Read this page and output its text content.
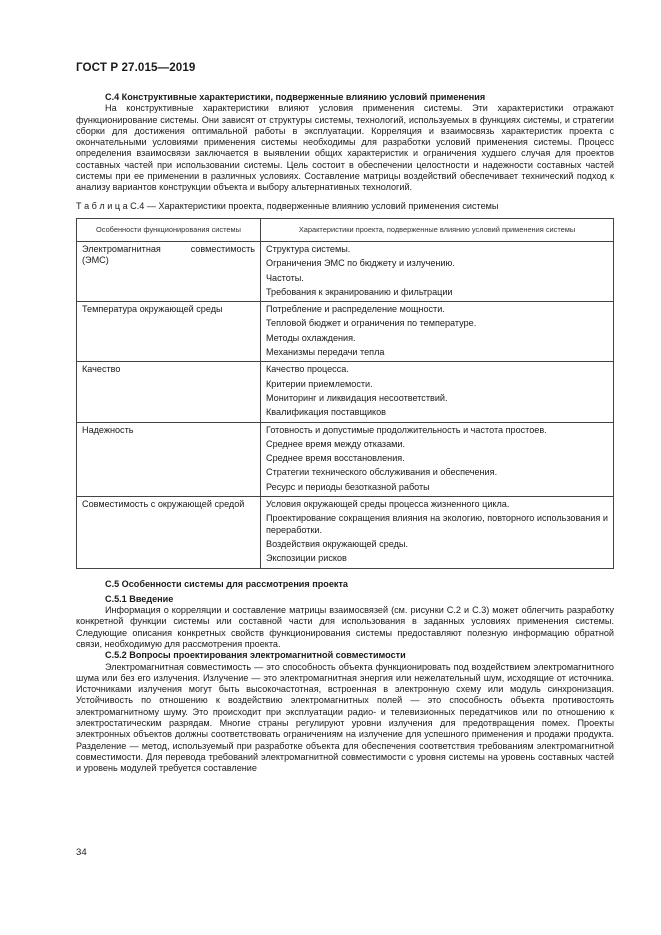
ГОСТ Р 27.015—2019

С.4 Конструктивные характеристики, подверженные влиянию условий применения

На конструктивные характеристики влияют условия применения системы. Эти характеристики отражают функционирование системы. Они зависят от структуры системы, технологий, используемых в функциях системы, и стратегии сборки для достижения оптимальной работы в эксплуатации. Корреляция и взаимосвязь характеристик проекта с окончательными условиями применения системы необходимы для разработки условий применения системы. Процесс определения взаимосвязи заключается в выявлении общих характеристик и ограничения худшего случая для проектов составных частей при использовании системы. Цель состоит в обеспечении целостности и надежности составных частей системы при ее применении в различных условиях. Составление матрицы воздействий обеспечивает технический подход к анализу вариантов конструкции объекта и выбору альтернативных технологий.

Т а б л и ц а С.4 — Характеристики проекта, подверженные влиянию условий применения системы

Особенности функционирования системы	Характеристики проекта, подверженные влиянию условий применения системы

Электромагнитная совместимость (ЭМС)	Структура системы.
Ограничения ЭМС по бюджету и излучению.
Частоты.
Требования к экранированию и фильтрации

Температура окружающей среды	Потребление и распределение мощности.
Тепловой бюджет и ограничения по температуре.
Методы охлаждения.
Механизмы передачи тепла

Качество	Качество процесса.
Критерии приемлемости.
Мониторинг и ликвидация несоответствий.
Квалификация поставщиков

Надежность	Готовность и допустимые продолжительность и частота простоев.
Среднее время между отказами.
Среднее время восстановления.
Стратегии технического обслуживания и обеспечения.
Ресурс и периоды безотказной работы

Совместимость с окружающей средой	Условия окружающей среды процесса жизненного цикла.
Проектирование сокращения влияния на экологию, повторного использования и переработки.
Воздействия окружающей среды.
Экспозиции рисков

С.5 Особенности системы для рассмотрения проекта

С.5.1 Введение

Информация о корреляции и составление матрицы взаимосвязей (см. рисунки С.2 и С.3) может облегчить разработку конкретной функции системы или составной части для использования в заданных условиях применения системы. Следующие описания конкретных свойств функционирования системы предоставляют полезную информацию обратной связи, необходимую для рассмотрения проекта.

С.5.2 Вопросы проектирования электромагнитной совместимости

Электромагнитная совместимость — это способность объекта функционировать под воздействием электромагнитного шума или без его излучения. Излучение — это электромагнитная энергия или нежелательный шум, исходящие от источника. Источниками излучения могут быть высокочастотная, встроенная в электронную схему или модуль синхронизация. Устойчивость по отношению к воздействию электромагнитных полей — это способность объекта противостоять электромагнитному шуму. Это происходит при эксплуатации радио- и телевизионных передатчиков или по отношению к электростатическим разрядам. Многие страны регулируют уровни излучения для предотвращения помех. Проекты электронных объектов должны соответствовать ограничениям на излучение для успешного применения и продажи продукта. Разделение — метод, используемый при разработке объекта для обеспечения соответствия требованиям электромагнитной совместимости. Для перевода требований электромагнитной совместимости с уровня системы на уровень составных частей и уровень модулей требуется составление

34
